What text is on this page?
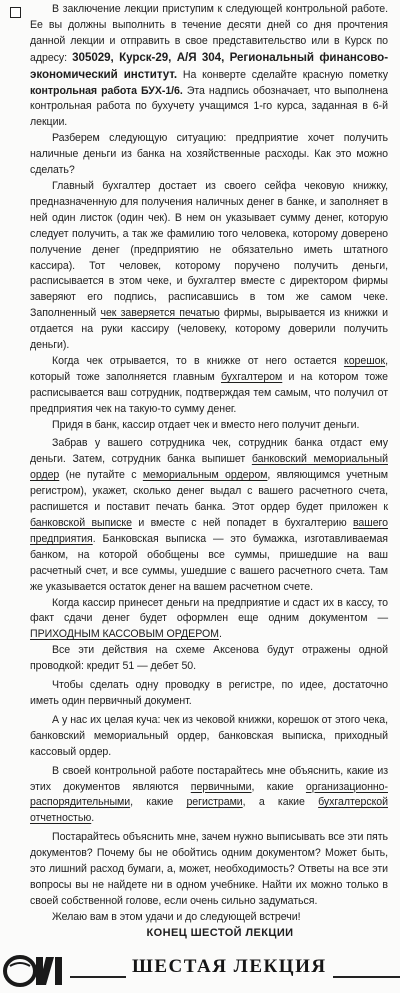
В заключение лекции приступим к следующей контрольной работе. Ее вы должны выполнить в течение десяти дней со дня прочтения данной лекции и отправить в свое представительство или в Курск по адресу: 305029, Курск-29, А/Я 304, Региональный финансово-экономический институт. На конверте сделайте красную пометку контрольная работа БУХ-1/6. Эта надпись обозначает, что выполнена контрольная работа по бухучету учащимся 1-го курса, заданная в 6-й лекции.

Разберем следующую ситуацию: предприятие хочет получить наличные деньги из банка на хозяйственные расходы. Как это можно сделать?

Главный бухгалтер достает из своего сейфа чековую книжку, предназначенную для получения наличных денег в банке, и заполняет в ней один листок (один чек). В нем он указывает сумму денег, которую следует получить, а так же фамилию того человека, которому доверено получение денег (предприятию не обязательно иметь штатного кассира). Тот человек, которому поручено получить деньги, расписывается в этом чеке, и бухгалтер вместе с директором фирмы заверяют его подпись, расписавшись в том же самом чеке. Заполненный чек заверяется печатью фирмы, вырывается из книжки и отдается на руки кассиру (человеку, которому доверили получить деньги).

Когда чек отрывается, то в книжке от него остается корешок, который тоже заполняется главным бухгалтером и на котором тоже расписывается ваш сотрудник, подтверждая тем самым, что получил от предприятия чек на такую-то сумму денег.

Придя в банк, кассир отдает чек и вместо него получит деньги.

Забрав у вашего сотрудника чек, сотрудник банка отдаст ему деньги. Затем, сотрудник банка выпишет банковский мемориальный ордер (не путайте с мемориальным ордером, являющимся учетным регистром), укажет, сколько денег выдал с вашего расчетного счета, распишется и поставит печать банка. Этот ордер будет приложен к банковской выписке и вместе с ней попадет в бухгалтерию вашего предприятия. Банковская выписка — это бумажка, изготавливаемая банком, на которой обобщены все суммы, пришедшие на ваш расчетный счет, и все суммы, ушедшие с вашего расчетного счета. Там же указывается остаток денег на вашем расчетном счете.

Когда кассир принесет деньги на предприятие и сдаст их в кассу, то факт сдачи денег будет оформлен еще одним документом — ПРИХОДНЫМ КАССОВЫМ ОРДЕРОМ.

Все эти действия на схеме Аксенова будут отражены одной проводкой: кредит 51 — дебет 50.

Чтобы сделать одну проводку в регистре, по идее, достаточно иметь один первичный документ.

А у нас их целая куча: чек из чековой книжки, корешок от этого чека, банковский мемориальный ордер, банковская выписка, приходный кассовый ордер.

В своей контрольной работе постарайтесь мне объяснить, какие из этих документов являются первичными, какие организационно-распорядительными, какие регистрами, а какие бухгалтерской отчетностью.

Постарайтесь объяснить мне, зачем нужно выписывать все эти пять документов? Почему бы не обойтись одним документом? Может быть, это лишний расход бумаги, а, может, необходимость? Ответы на все эти вопросы вы не найдете ни в одном учебнике. Найти их можно только в своей собственной голове, если очень сильно задуматься.

Желаю вам в этом удачи и до следующей встречи!

КОНЕЦ ШЕСТОЙ ЛЕКЦИИ

ШЕСТАЯ ЛЕКЦИЯ
